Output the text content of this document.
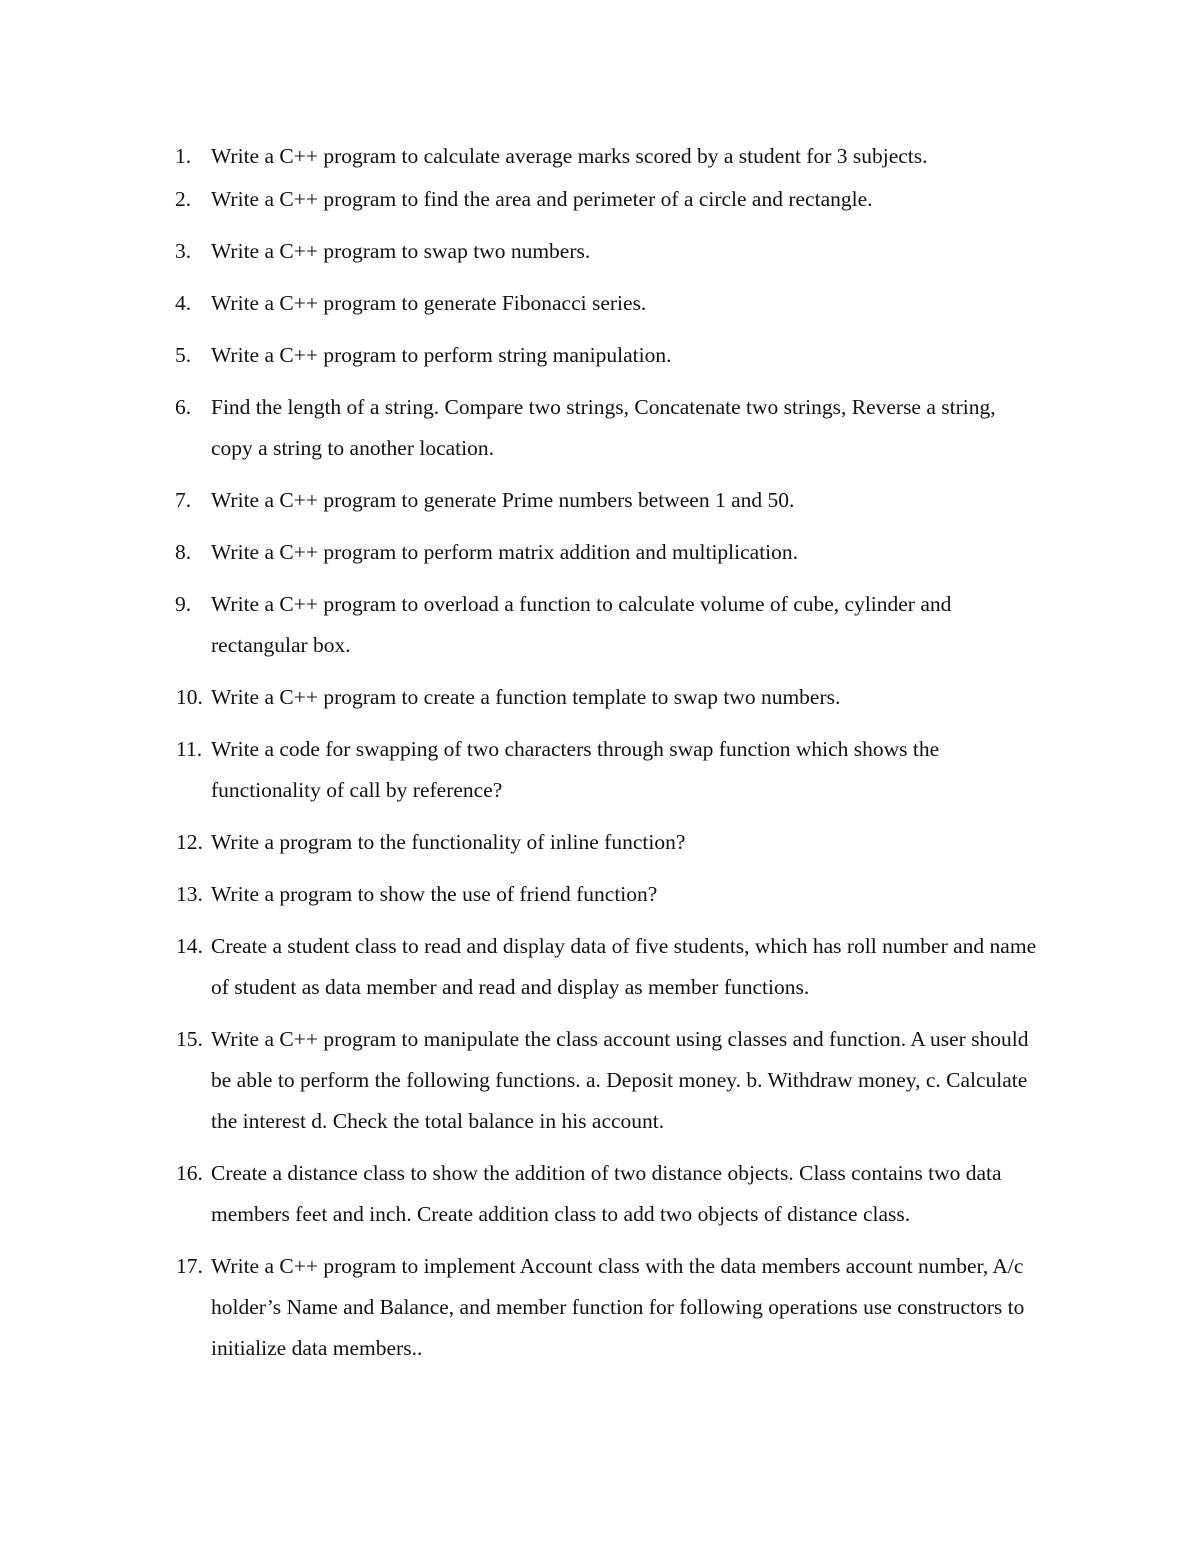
1. Write a C++ program to calculate average marks scored by a student for 3 subjects.
2. Write a C++ program to find the area and perimeter of a circle and rectangle.
3. Write a C++ program to swap two numbers.
4. Write a C++ program to generate Fibonacci series.
5. Write a C++ program to perform string manipulation.
6. Find the length of a string. Compare two strings, Concatenate two strings, Reverse a string, copy a string to another location.
7. Write a C++ program to generate Prime numbers between 1 and 50.
8. Write a C++ program to perform matrix addition and multiplication.
9. Write a C++ program to overload a function to calculate volume of cube, cylinder and rectangular box.
10. Write a C++ program to create a function template to swap two numbers.
11. Write a code for swapping of two characters through swap function which shows the functionality of call by reference?
12. Write a program to the functionality of inline function?
13. Write a program to show the use of friend function?
14. Create a student class to read and display data of five students, which has roll number and name of student as data member and read and display as member functions.
15. Write a C++ program to manipulate the class account using classes and function. A user should be able to perform the following functions. a. Deposit money. b. Withdraw money, c. Calculate the interest d. Check the total balance in his account.
16. Create a distance class to show the addition of two distance objects. Class contains two data members feet and inch. Create addition class to add two objects of distance class.
17. Write a C++ program to implement Account class with the data members account number, A/c holder’s Name and Balance, and member function for following operations use constructors to initialize data members..
